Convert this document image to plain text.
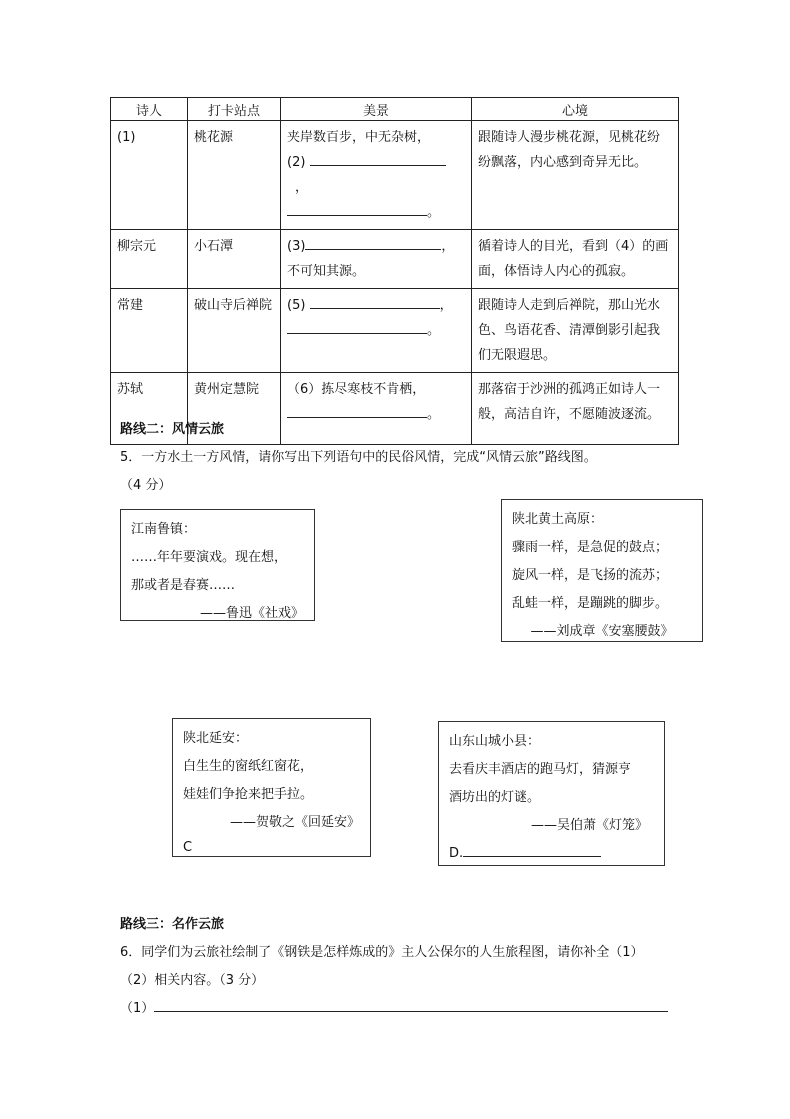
诗人	打卡站点	美景	心境

(1)	桃花源	夹岸数百步，中无杂树，
(2)
，
。	跟随诗人漫步桃花源，见桃花纷纷飘落，内心感到奇异无比。

柳宗元	小石潭	(3) ，
不可知其源。	循着诗人的目光，看到（4）的画面，体悟诗人内心的孤寂。

常建	破山寺后禅院	(5) ，
。	跟随诗人走到后禅院，那山光水色、鸟语花香、清潭倒影引起我们无限遐思。

苏轼	黄州定慧院	（6）拣尽寒枝不肯栖，
。	那落宿于沙洲的孤鸿正如诗人一般，高洁自许，不愿随波逐流。
路线二：风情云旅
5．一方水土一方风情，请你写出下列语句中的民俗风情，完成“风情云旅”路线图。
（4 分）
江南鲁镇：
……年年要演戏。现在想，
那或者是春赛……
——鲁迅《社戏》
陕北黄土高原：
骤雨一样，是急促的鼓点；
旋风一样，是飞扬的流苏；
乱蛙一样，是蹦跳的脚步。
——刘成章《安塞腰鼓》
陕北延安：
白生生的窗纸红窗花，
娃娃们争抢来把手拉。
——贺敬之《回延安》
C
山东山城小县：
去看庆丰酒店的跑马灯，猜源亨
酒坊出的灯谜。
——吴伯萧《灯笼》
D.
路线三：名作云旅
6．同学们为云旅社绘制了《钢铁是怎样炼成的》主人公保尔的人生旅程图，请你补全（1）
（2）相关内容。（3 分）
（1）
